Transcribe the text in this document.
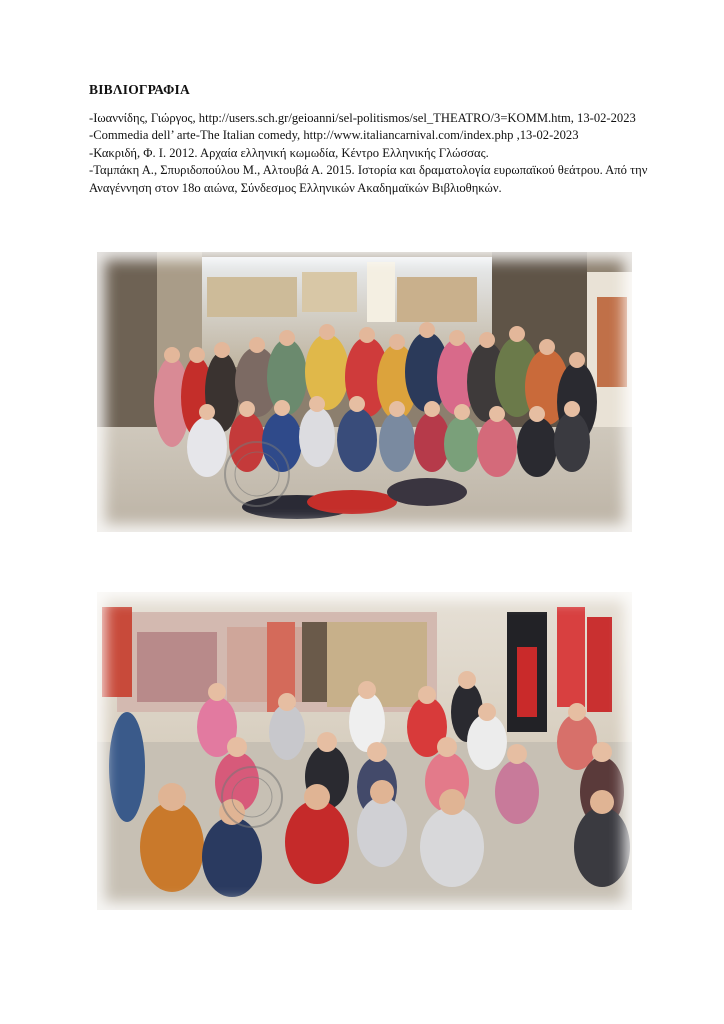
ΒΙΒΛΙΟΓΡΑΦΙΑ

-Ιωαννίδης, Γιώργος, http://users.sch.gr/geioanni/sel-politismos/sel_THEATRO/3=KOMM.htm, 13-02-2023

-Commedia dell’ arte-The Italian comedy, http://www.italiancarnival.com/index.php ,13-02-2023

-Κακριδή, Φ. Ι. 2012. Αρχαία ελληνική κωμωδία, Κέντρο Ελληνικής Γλώσσας.

-Ταμπάκη Α., Σπυριδοπούλου Μ., Αλτουβά Α. 2015. Ιστορία και δραματολογία ευρωπαϊκού θεάτρου. Από την Αναγέννηση στον 18ο αιώνα, Σύνδεσμος Ελληνικών Ακαδημαϊκών Βιβλιοθηκών.
